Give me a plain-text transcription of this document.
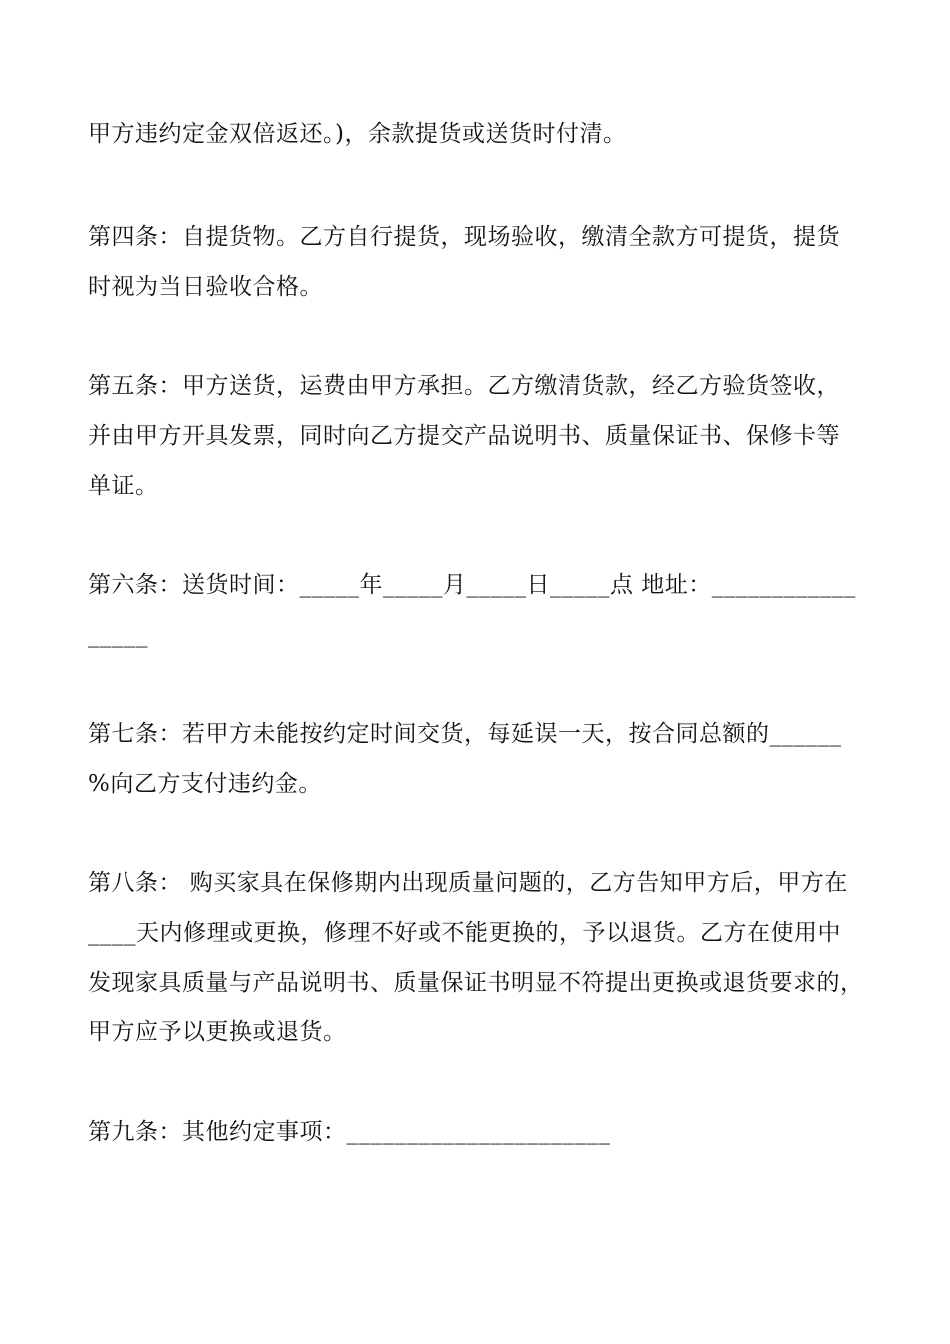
甲方违约定金双倍返还。)，余款提货或送货时付清。
第四条：自提货物。乙方自行提货，现场验收，缴清全款方可提货，提货
时视为当日验收合格。
第五条：甲方送货，运费由甲方承担。乙方缴清货款，经乙方验货签收，
并由甲方开具发票，同时向乙方提交产品说明书、质量保证书、保修卡等
单证。
第六条：送货时间：_____年_____月_____日_____点 地址：____________
_____
第七条：若甲方未能按约定时间交货，每延误一天，按合同总额的______
%向乙方支付违约金。
第八条： 购买家具在保修期内出现质量问题的，乙方告知甲方后，甲方在
____天内修理或更换，修理不好或不能更换的，予以退货。乙方在使用中
发现家具质量与产品说明书、质量保证书明显不符提出更换或退货要求的，
甲方应予以更换或退货。
第九条：其他约定事项：______________________
